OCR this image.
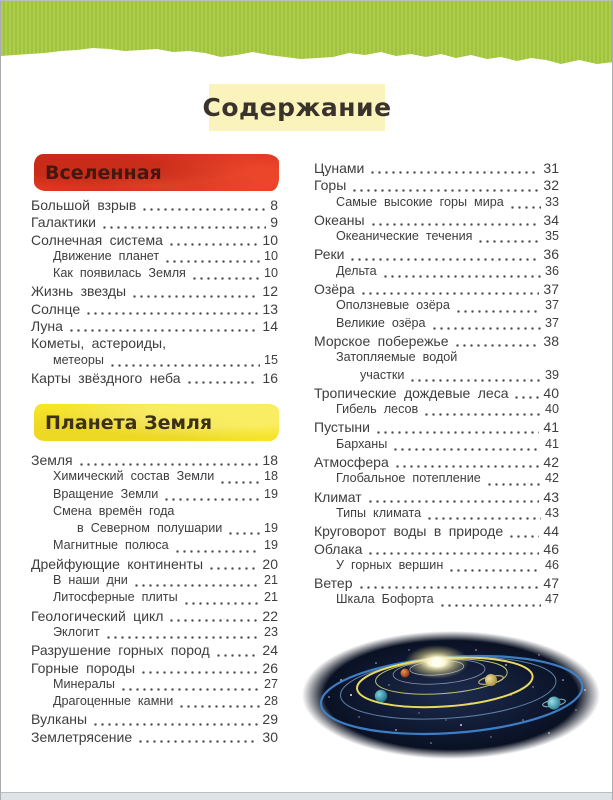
Содержание
Вселенная
Большой взрыв	8
Галактики	9
Солнечная система	10
Движение планет	10
Как появилась Земля	10
Жизнь звезды	12
Солнце	13
Луна	14
Кометы, астероиды,
метеоры	15
Карты звёздного неба	16
Планета Земля
Земля	18
Химический состав Земли	18
Вращение Земли	19
Смена времён года
в Северном полушарии	19
Магнитные полюса	19
Дрейфующие континенты	20
В наши дни	21
Литосферные плиты	21
Геологический цикл	22
Эклогит	23
Разрушение горных пород	24
Горные породы	26
Минералы	27
Драгоценные камни	28
Вулканы	29
Землетрясение	30
Цунами	31
Горы	32
Самые высокие горы мира	33
Океаны	34
Океанические течения	35
Реки	36
Дельта	36
Озёра	37
Оползневые озёра	37
Великие озёра	37
Морское побережье	38
Затопляемые водой
участки	39
Тропические дождевые леса 40
Гибель лесов	40
Пустыни	41
Барханы	41
Атмосфера	42
Глобальное потепление	42
Климат	43
Типы климата	43
Круговорот воды в природе	44
Облака	46
У горных вершин	46
Ветер	47
Шкала Бофорта	47
